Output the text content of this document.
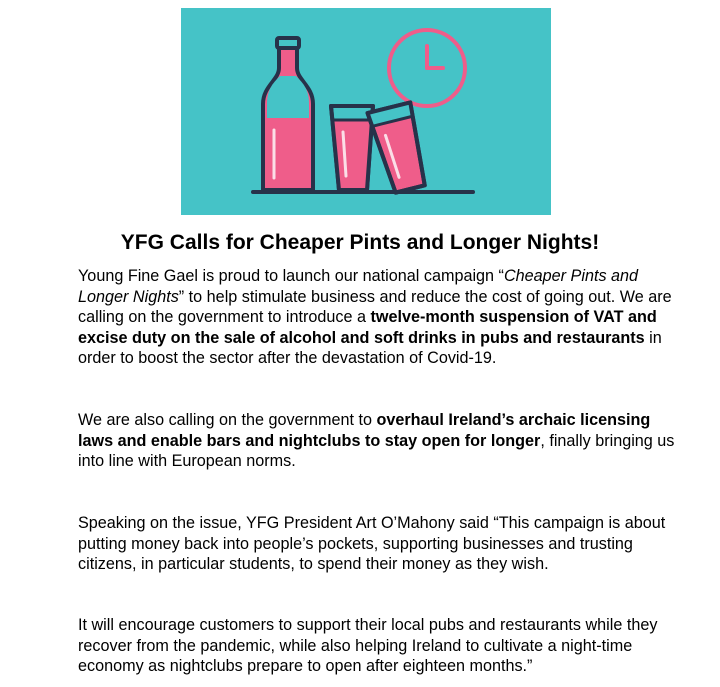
YFG Calls for Cheaper Pints and Longer Nights!

Young Fine Gael is proud to launch our national campaign “Cheaper Pints and Longer Nights” to help stimulate business and reduce the cost of going out. We are calling on the government to introduce a twelve-month suspension of VAT and excise duty on the sale of alcohol and soft drinks in pubs and restaurants in order to boost the sector after the devastation of Covid-19.

We are also calling on the government to overhaul Ireland’s archaic licensing laws and enable bars and nightclubs to stay open for longer, finally bringing us into line with European norms.

Speaking on the issue, YFG President Art O’Mahony said “This campaign is about putting money back into people’s pockets, supporting businesses and trusting citizens, in particular students, to spend their money as they wish.

It will encourage customers to support their local pubs and restaurants while they recover from the pandemic, while also helping Ireland to cultivate a night-time economy as nightclubs prepare to open after eighteen months.”
